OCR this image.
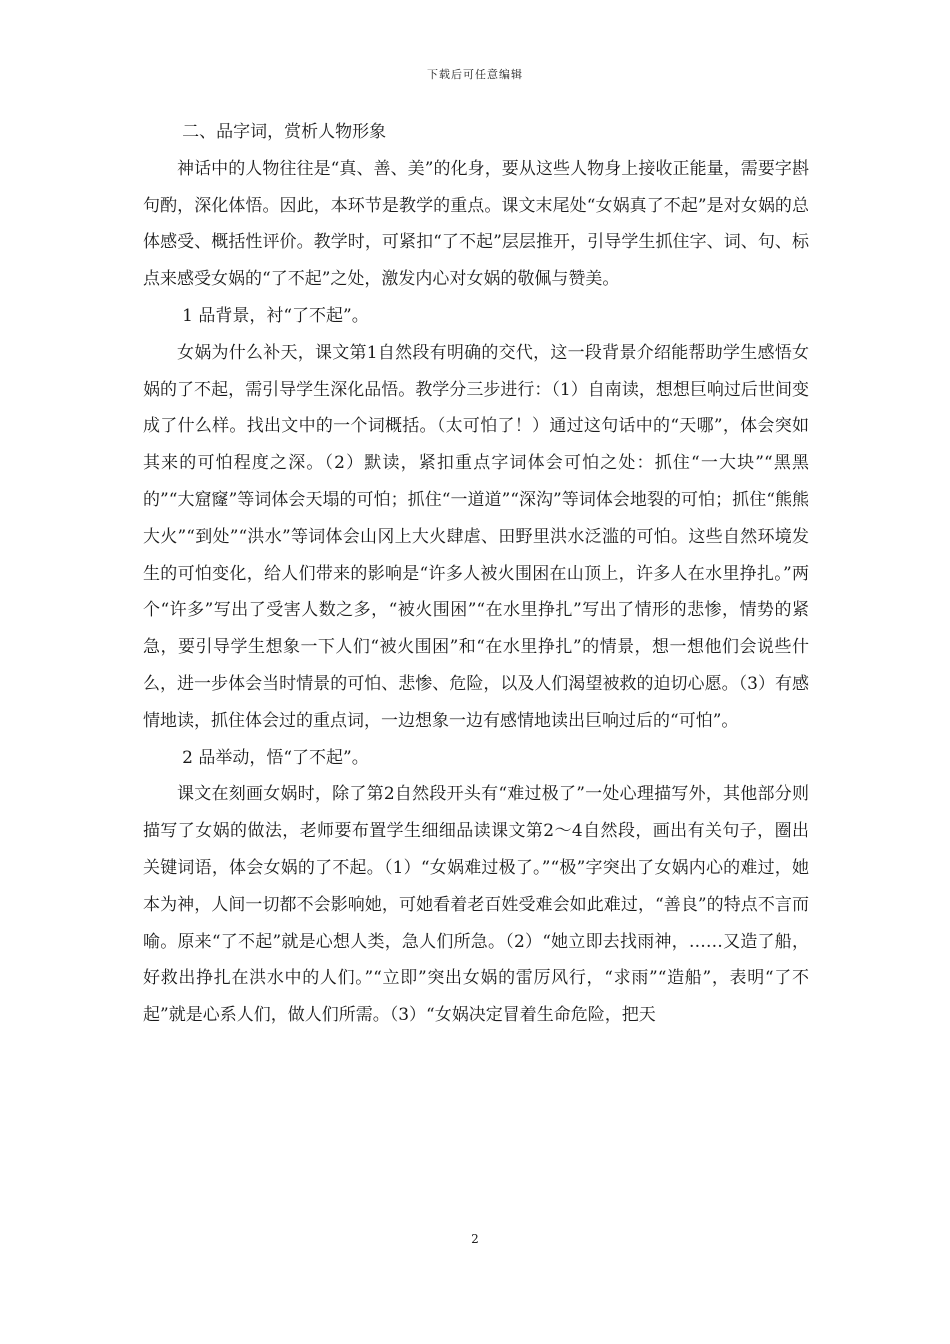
下载后可任意编辑

二、品字词，赏析人物形象

神话中的人物往往是“真、善、美”的化身，要从这些人物身上接收正能量，需要字斟句酌，深化体悟。因此，本环节是教学的重点。课文末尾处“女娲真了不起”是对女娲的总体感受、概括性评价。教学时，可紧扣“了不起”层层推开，引导学生抓住字、词、句、标点来感受女娲的“了不起”之处，激发内心对女娲的敬佩与赞美。

1 品背景，衬“了不起”。

女娲为什么补天，课文第1自然段有明确的交代，这一段背景介绍能帮助学生感悟女娲的了不起，需引导学生深化品悟。教学分三步进行：（1）自南读，想想巨响过后世间变成了什么样。找出文中的一个词概括。（太可怕了！）通过这句话中的“天哪”，体会突如其来的可怕程度之深。（2）默读，紧扣重点字词体会可怕之处：抓住“一大块”“黑黑的”“大窟窿”等词体会天塌的可怕；抓住“一道道”“深沟”等词体会地裂的可怕；抓住“熊熊大火”“到处”“洪水”等词体会山冈上大火肆虐、田野里洪水泛滥的可怕。这些自然环境发生的可怕变化，给人们带来的影响是“许多人被火围困在山顶上，许多人在水里挣扎。”两个“许多”写出了受害人数之多，“被火围困”“在水里挣扎”写出了情形的悲惨，情势的紧急，要引导学生想象一下人们“被火围困”和“在水里挣扎”的情景，想一想他们会说些什么，进一步体会当时情景的可怕、悲惨、危险，以及人们渴望被救的迫切心愿。（3）有感情地读，抓住体会过的重点词，一边想象一边有感情地读出巨响过后的“可怕”。

2 品举动，悟“了不起”。

课文在刻画女娲时，除了第2自然段开头有“难过极了”一处心理描写外，其他部分则描写了女娲的做法，老师要布置学生细细品读课文第2～4自然段，画出有关句子，圈出关键词语，体会女娲的了不起。（1）“女娲难过极了。”“极”字突出了女娲内心的难过，她本为神，人间一切都不会影响她，可她看着老百姓受难会如此难过，“善良”的特点不言而喻。原来“了不起”就是心想人类，急人们所急。（2）“她立即去找雨神，……又造了船，好救出挣扎在洪水中的人们。”“立即”突出女娲的雷厉风行，“求雨”“造船”，表明“了不起”就是心系人们，做人们所需。（3）“女娲决定冒着生命危险，把天

2
